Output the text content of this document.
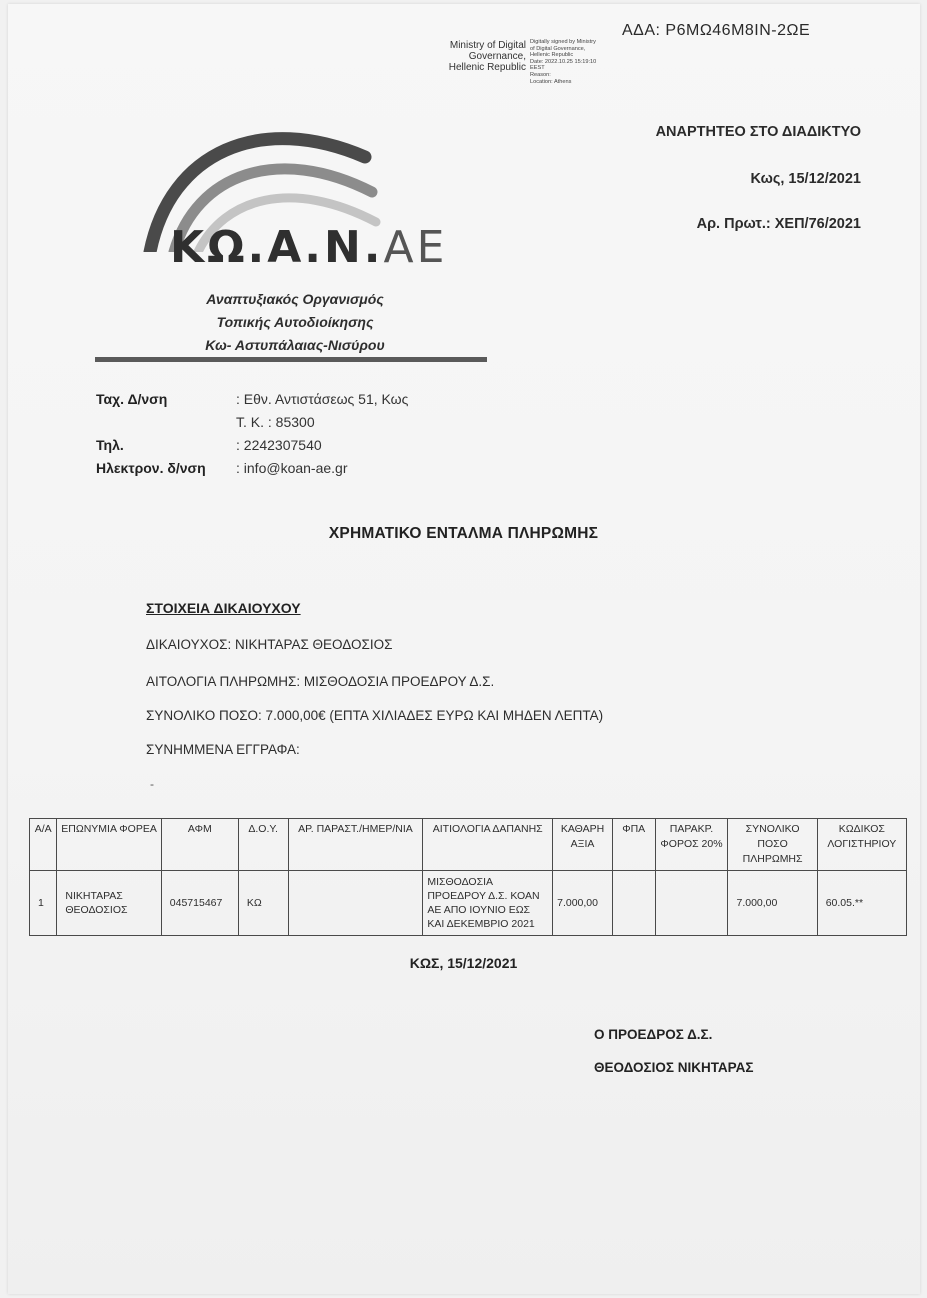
ΑΔΑ: Ρ6ΜΩ46Μ8ΙΝ-2ΩΕ
Ministry of Digital
Governance,
Hellenic Republic
Digitally signed by Ministry
of Digital Governance,
Hellenic Republic
Date: 2022.10.25 15:19:10
EEST
Reason:
Location: Athens
ΑΝΑΡΤΗΤΕΟ ΣΤΟ ΔΙΑΔΙΚΤΥΟ
Κως, 15/12/2021
Αρ. Πρωτ.: ΧΕΠ/76/2021
ΚΩ.Α.Ν.ΑΕ
Αναπτυξιακός Οργανισμός
Τοπικής Αυτοδιοίκησης
Κω- Αστυπάλαιας-Νισύρου
Ταχ. Δ/νση	: Εθν. Αντιστάσεως 51, Κως
T. K. : 85300
Τηλ.	: 2242307540
Ηλεκτρον. δ/νση : info@koan-ae.gr
ΧΡΗΜΑΤΙΚΟ ΕΝΤΑΛΜΑ ΠΛΗΡΩΜΗΣ
ΣΤΟΙΧΕΙΑ ΔΙΚΑΙΟΥΧΟΥ
ΔΙΚΑΙΟΥΧΟΣ: ΝΙΚΗΤΑΡΑΣ ΘΕΟΔΟΣΙΟΣ
ΑΙΤΟΛΟΓΙΑ ΠΛΗΡΩΜΗΣ: ΜΙΣΘΟΔΟΣΙΑ ΠΡΟΕΔΡΟΥ Δ.Σ.
ΣΥΝΟΛΙΚΟ ΠΟΣΟ: 7.000,00€ (ΕΠΤΑ ΧΙΛΙΑΔΕΣ ΕΥΡΩ ΚΑΙ ΜΗΔΕΝ ΛΕΠΤΑ)
ΣΥΝΗΜΜΕΝΑ ΕΓΓΡΑΦΑ:
-
Α/Α	ΕΠΩΝΥΜΙΑ ΦΟΡΕΑ	ΑΦΜ	Δ.Ο.Υ.	ΑΡ. ΠΑΡΑΣΤ./ΗΜΕΡ/ΝΙΑ	ΑΙΤΙΟΛΟΓΙΑ ΔΑΠΑΝΗΣ	ΚΑΘΑΡΗ ΑΞΙΑ	ΦΠΑ	ΠΑΡΑΚΡ. ΦΟΡΟΣ 20%	ΣΥΝΟΛΙΚΟ ΠΟΣΟ ΠΛΗΡΩΜΗΣ	ΚΩΔΙΚΟΣ ΛΟΓΙΣΤΗΡΙΟΥ
1	ΝΙΚΗΤΑΡΑΣ ΘΕΟΔΟΣΙΟΣ	045715467	ΚΩ		ΜΙΣΘΟΔΟΣΙΑ ΠΡΟΕΔΡΟΥ Δ.Σ. ΚΟΑΝ ΑΕ ΑΠΟ ΙΟΥΝΙΟ ΕΩΣ ΚΑΙ ΔΕΚΕΜΒΡΙΟ 2021	7.000,00			7.000,00	60.05.**
ΚΩΣ, 15/12/2021
Ο ΠΡΟΕΔΡΟΣ Δ.Σ.
ΘΕΟΔΟΣΙΟΣ ΝΙΚΗΤΑΡΑΣ
